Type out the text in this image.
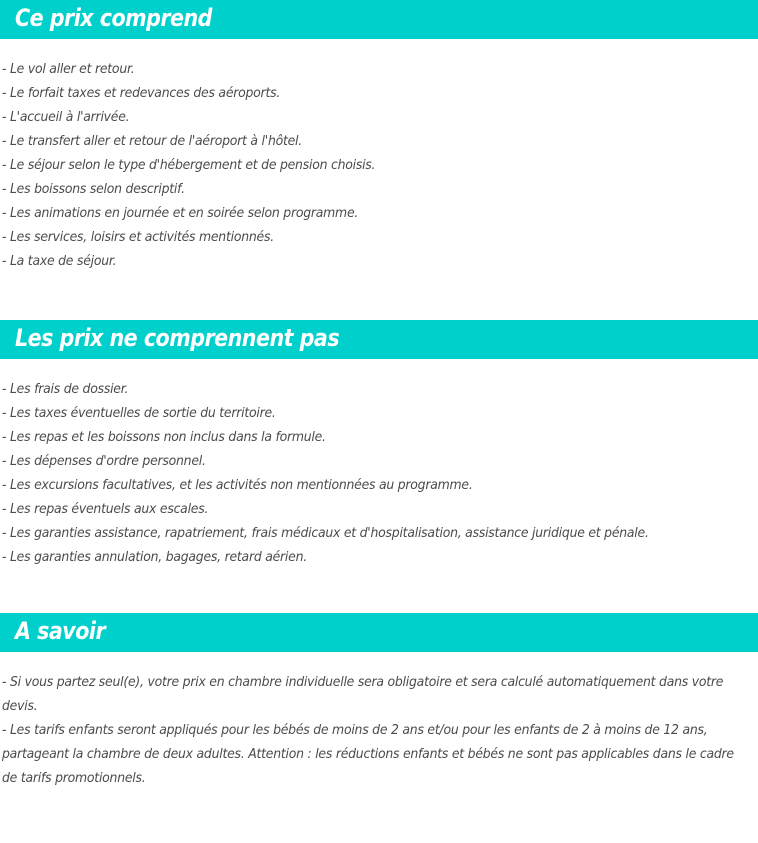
Ce prix comprend
- Le vol aller et retour.
- Le forfait taxes et redevances des aéroports.
- L'accueil à l'arrivée.
- Le transfert aller et retour de l'aéroport à l'hôtel.
- Le séjour selon le type d'hébergement et de pension choisis.
- Les boissons selon descriptif.
- Les animations en journée et en soirée selon programme.
- Les services, loisirs et activités mentionnés.
- La taxe de séjour.
Les prix ne comprennent pas
- Les frais de dossier.
- Les taxes éventuelles de sortie du territoire.
- Les repas et les boissons non inclus dans la formule.
- Les dépenses d'ordre personnel.
- Les excursions facultatives, et les activités non mentionnées au programme.
- Les repas éventuels aux escales.
- Les garanties assistance, rapatriement, frais médicaux et d'hospitalisation, assistance juridique et pénale.
- Les garanties annulation, bagages, retard aérien.
A savoir
- Si vous partez seul(e), votre prix en chambre individuelle sera obligatoire et sera calculé automatiquement dans votre devis.
- Les tarifs enfants seront appliqués pour les bébés de moins de 2 ans et/ou pour les enfants de 2 à moins de 12 ans, partageant la chambre de deux adultes. Attention : les réductions enfants et bébés ne sont pas applicables dans le cadre de tarifs promotionnels.
